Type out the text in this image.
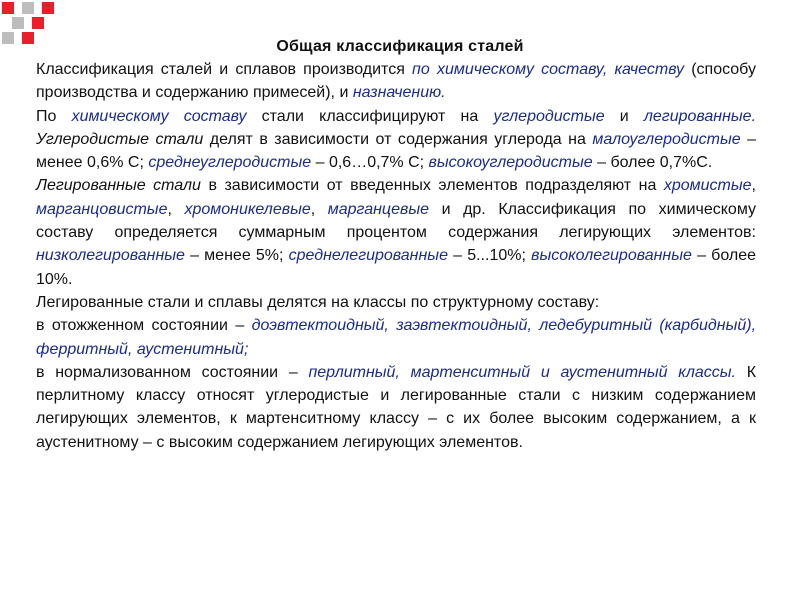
Общая классификация сталей

Классификация сталей и сплавов производится по химическому составу, качеству (способу производства и содержанию примесей), и назначению.

По химическому составу стали классифицируют на углеродистые и легированные.

Углеродистые стали делят в зависимости от содержания углерода на малоуглеродистые – менее 0,6% С; среднеуглеродистые – 0,6…0,7% С; высокоуглеродистые – более 0,7%С.

Легированные стали в зависимости от введенных элементов подразделяют на хромистые, марганцовистые, хромоникелевые, марганцевые и др. Классификация по химическому составу определяется суммарным процентом содержания легирующих элементов: низколегированные – менее 5%; среднелегированные – 5...10%; высоколегированные – более 10%.

Легированные стали и сплавы делятся на классы по структурному составу:

в отожженном состоянии – доэвтектоидный, заэвтектоидный, ледебуритный (карбидный), ферритный, аустенитный;

в нормализованном состоянии – перлитный, мартенситный и аустенитный классы. К перлитному классу относят углеродистые и легированные стали с низким содержанием легирующих элементов, к мартенситному классу – с их более высоким содержанием, а к аустенитному – с высоким содержанием легирующих элементов.
